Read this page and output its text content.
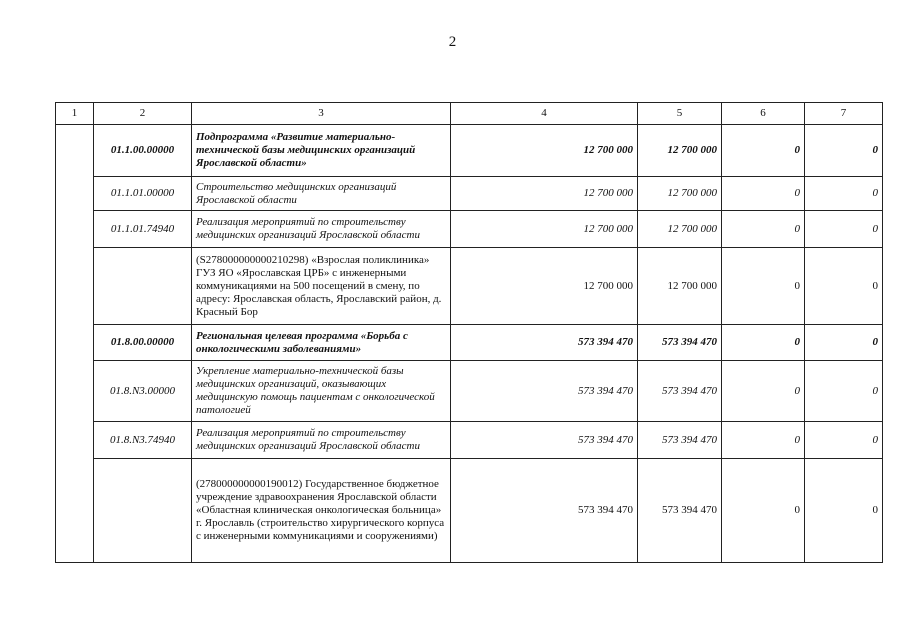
2
1	2	3	4	5	6	7
	01.1.00.00000	Подпрограмма «Развитие материально-технической базы медицинских организаций Ярославской области»	12 700 000	12 700 000	0	0
	01.1.01.00000	Строительство медицинских организаций Ярославской области	12 700 000	12 700 000	0	0
	01.1.01.74940	Реализация мероприятий по строительству медицинских организаций Ярославской области	12 700 000	12 700 000	0	0
		(S278000000000210298) «Взрослая поликлиника» ГУЗ ЯО «Ярославская ЦРБ» с инженерными коммуникациями на 500 посещений в смену, по адресу: Ярославская область, Ярославский район, д. Красный Бор	12 700 000	12 700 000	0	0
	01.8.00.00000	Региональная целевая программа «Борьба с онкологическими заболеваниями»	573 394 470	573 394 470	0	0
	01.8.N3.00000	Укрепление материально-технической базы медицинских организаций, оказывающих медицинскую помощь пациентам с онкологической патологией	573 394 470	573 394 470	0	0
	01.8.N3.74940	Реализация мероприятий по строительству медицинских организаций Ярославской области	573 394 470	573 394 470	0	0
		(278000000000190012) Государственное бюджетное учреждение здравоохранения Ярославской области «Областная клиническая онкологическая больница» г. Ярославль (строительство хирургического корпуса с инженерными коммуникациями и сооружениями)	573 394 470	573 394 470	0	0
